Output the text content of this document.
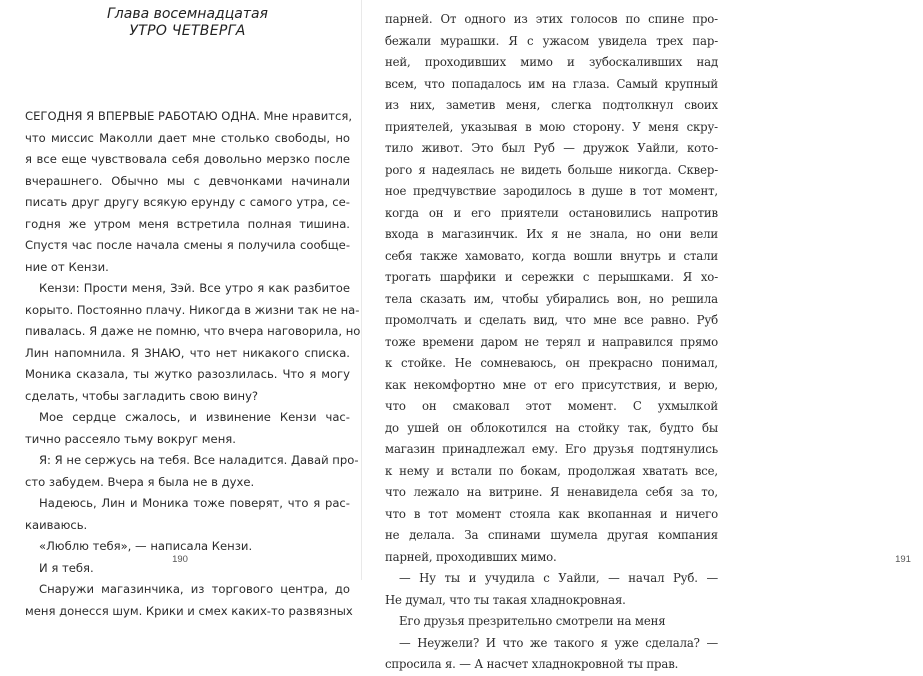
Глава восемнадцатая
УТРО ЧЕТВЕРГА
СЕГОДНЯ Я ВПЕРВЫЕ РАБОТАЮ ОДНА. Мне нравится,
что миссис Маколли дает мне столько свободы, но
я все еще чувствовала себя довольно мерзко после
вчерашнего. Обычно мы с девчонками начинали
писать друг другу всякую ерунду с самого утра, се-
годня же утром меня встретила полная тишина.
Спустя час после начала смены я получила сообще-
ние от Кензи.
Кензи: Прости меня, Зэй. Все утро я как разбитое
корыто. Постоянно плачу. Никогда в жизни так не на-
пивалась. Я даже не помню, что вчера наговорила, но
Лин напомнила. Я ЗНАЮ, что нет никакого списка.
Моника сказала, ты жутко разозлилась. Что я могу
сделать, чтобы загладить свою вину?
Мое сердце сжалось, и извинение Кензи час-
тично рассеяло тьму вокруг меня.
Я: Я не сержусь на тебя. Все наладится. Давай про-
сто забудем. Вчера я была не в духе.
Надеюсь, Лин и Моника тоже поверят, что я рас-
каиваюсь.
«Люблю тебя», — написала Кензи.
И я тебя.
Снаружи магазинчика, из торгового центра, до
меня донесся шум. Крики и смех каких-то развязных
190
парней. От одного из этих голосов по спине про-
бежали мурашки. Я с ужасом увидела трех пар-
ней, проходивших мимо и зубоскаливших над
всем, что попадалось им на глаза. Самый крупный
из них, заметив меня, слегка подтолкнул своих
приятелей, указывая в мою сторону. У меня скру-
тило живот. Это был Руб — дружок Уайли, кото-
рого я надеялась не видеть больше никогда. Сквер-
ное предчувствие зародилось в душе в тот момент,
когда он и его приятели остановились напротив
входа в магазинчик. Их я не знала, но они вели
себя также хамовато, когда вошли внутрь и стали
трогать шарфики и сережки с перышками. Я хо-
тела сказать им, чтобы убирались вон, но решила
промолчать и сделать вид, что мне все равно. Руб
тоже времени даром не терял и направился прямо
к стойке. Не сомневаюсь, он прекрасно понимал,
как некомфортно мне от его присутствия, и верю,
что он смаковал этот момент. С ухмылкой
до ушей он облокотился на стойку так, будто бы
магазин принадлежал ему. Его друзья подтянулись
к нему и встали по бокам, продолжая хватать все,
что лежало на витрине. Я ненавидела себя за то,
что в тот момент стояла как вкопанная и ничего
не делала. За спинами шумела другая компания
парней, проходивших мимо.
— Ну ты и учудила с Уайли, — начал Руб. —
Не думал, что ты такая хладнокровная.
Его друзья презрительно смотрели на меня
— Неужели? И что же такого я уже сделала? —
спросила я. — А насчет хладнокровной ты прав.
191
